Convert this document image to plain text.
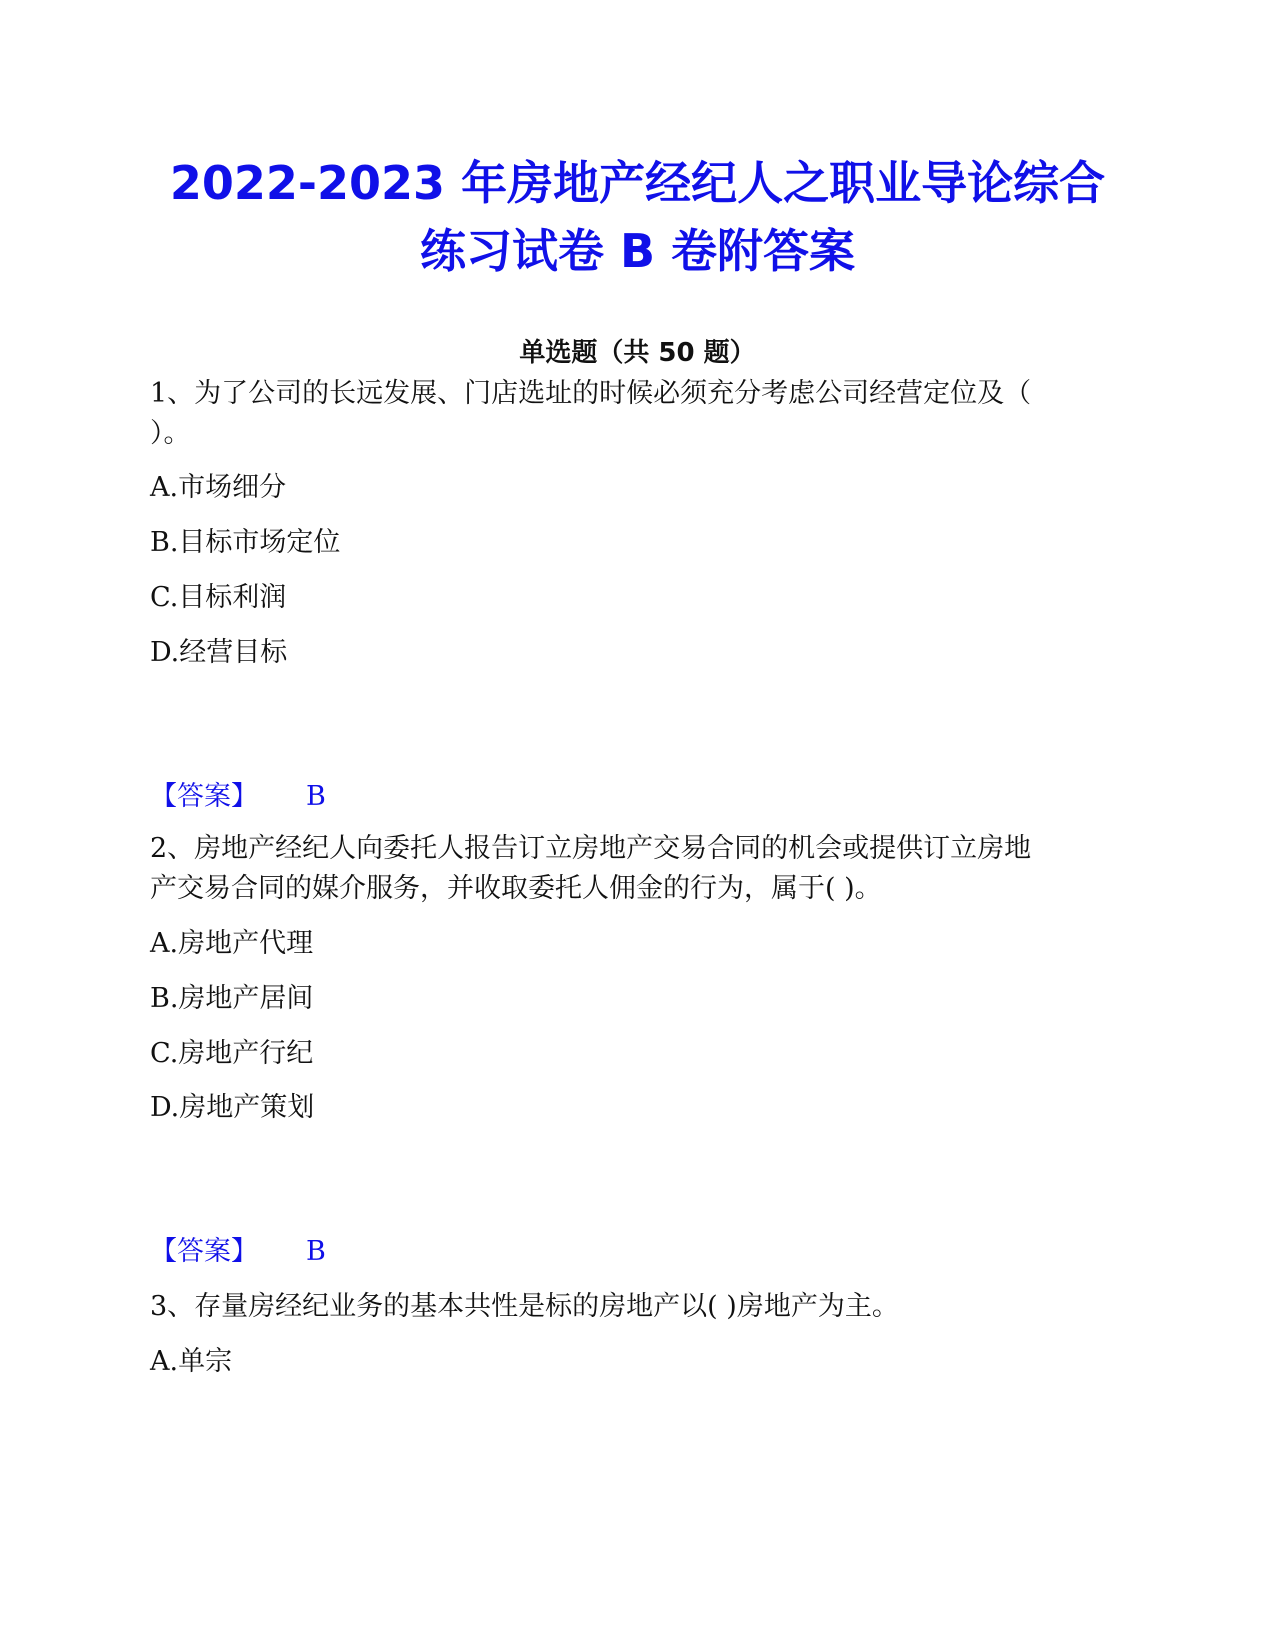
2022-2023 年房地产经纪人之职业导论综合
练习试卷 B 卷附答案
单选题（共 50 题）
1、为了公司的长远发展、门店选址的时候必须充分考虑公司经营定位及（
）。
A.市场细分
B.目标市场定位
C.目标利润
D.经营目标
【答案】 B
2、房地产经纪人向委托人报告订立房地产交易合同的机会或提供订立房地
产交易合同的媒介服务，并收取委托人佣金的行为，属于( )。
A.房地产代理
B.房地产居间
C.房地产行纪
D.房地产策划
【答案】 B
3、存量房经纪业务的基本共性是标的房地产以( )房地产为主。
A.单宗
